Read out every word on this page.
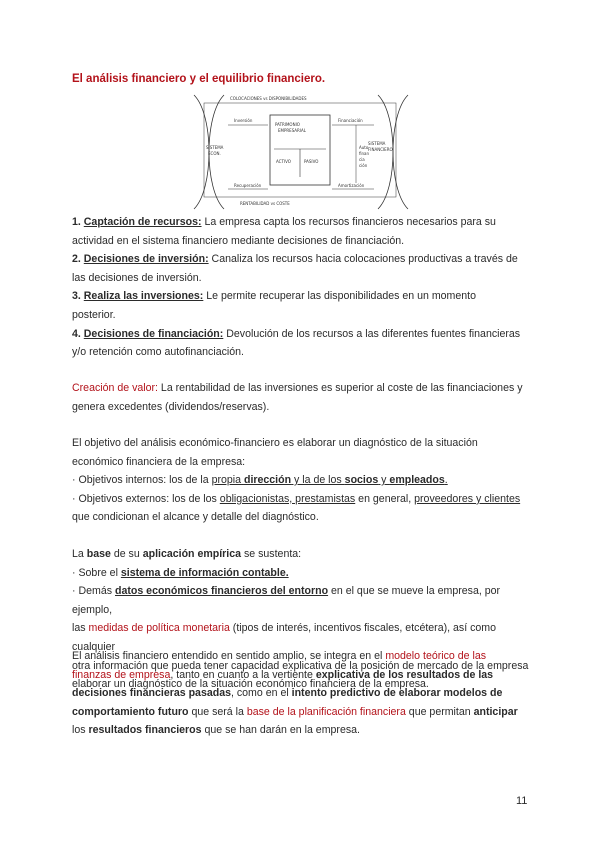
El análisis financiero y el equilibrio financiero.
COLOCACIONES vs DISPONIBILIDADES
RENTABILIDAD vs COSTE
SISTEMA
ECON.
SISTEMA
FINANCIERO
Inversión	Financiación
Recuperación	Amortización
PATRIMONIO
EMPRESARIAL
ACTIVO	PASIVO
Auto
finan
cia
ción

1. Captación de recursos: La empresa capta los recursos financieros necesarios para su

actividad en el sistema financiero mediante decisiones de financiación.

2. Decisiones de inversión: Canaliza los recursos hacia colocaciones productivas a través de

las decisiones de inversión.

3. Realiza las inversiones: Le permite recuperar las disponibilidades en un momento

posterior.

4. Decisiones de financiación: Devolución de los recursos a las diferentes fuentes financieras

y/o retención como autofinanciación.

Creación de valor: La rentabilidad de las inversiones es superior al coste de las financiaciones y

genera excedentes (dividendos/reservas).

El objetivo del análisis económico-financiero es elaborar un diagnóstico de la situación

económico financiera de la empresa:

· Objetivos internos: los de la propia dirección y la de los socios y empleados.

· Objetivos externos: los de los obligacionistas, prestamistas en general, proveedores y clientes

que condicionan el alcance y detalle del diagnóstico.

La base de su aplicación empírica se sustenta:

· Sobre el sistema de información contable.

· Demás datos económicos financieros del entorno en el que se mueve la empresa, por ejemplo,

las medidas de política monetaria (tipos de interés, incentivos fiscales, etcétera), así como cualquier

otra información que pueda tener capacidad explicativa de la posición de mercado de la empresa

elaborar un diagnóstico de la situación económico financiera de la empresa.

El análisis financiero entendido en sentido amplio, se integra en el modelo teórico de las

finanzas de empresa, tanto en cuanto a la vertiente explicativa de los resultados de las

decisiones financieras pasadas, como en el intento predictivo de elaborar modelos de

comportamiento futuro que será la base de la planificación financiera que permitan anticipar

los resultados financieros que se han darán en la empresa.

11
